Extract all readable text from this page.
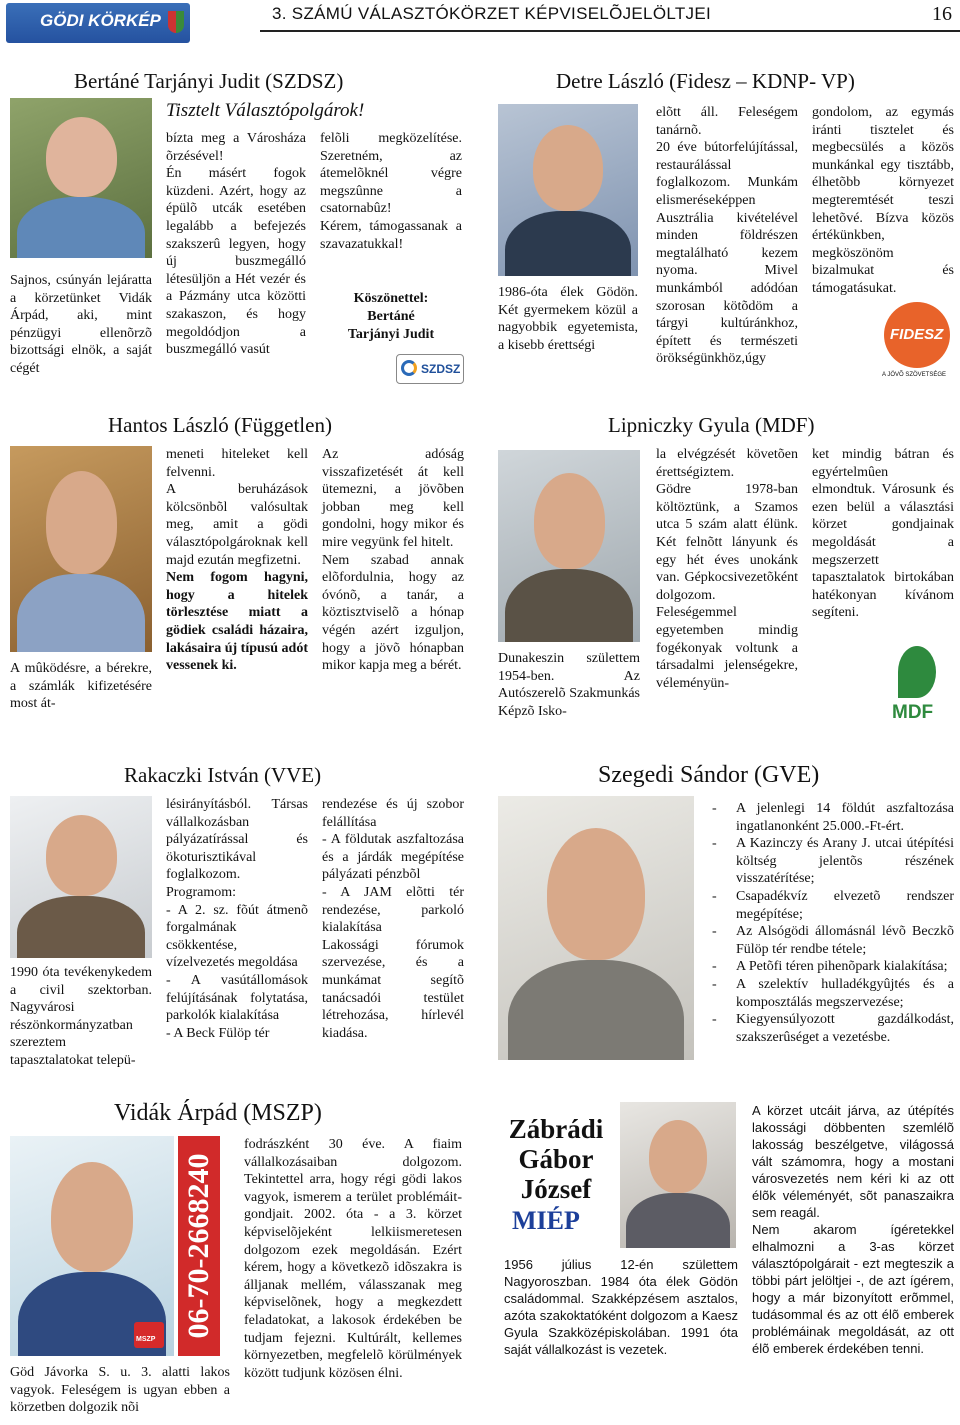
GÖDI KÖRKÉP	3. SZÁMÚ VÁLASZTÓKÖRZET KÉPVISELÕJELÖLTJEI	16
Bertáné Tarjányi Judit (SZDSZ)

Sajnos, csúnyán lejáratta a körzetünket Vidák Árpád, aki, mint pénzügyi ellenõrzõ bizottsági elnök, a saját cégét

Tisztelt Választópolgárok!

bízta meg a Városháza õrzésével!
Én másért fogok küzdeni. Azért, hogy az épülõ utcák esetében legalább a befejezés szakszerû legyen, hogy új buszmegálló létesüljön a Hét vezér és a Pázmány utca közötti szakaszon, és hogy megoldódjon a buszmegálló vasút

felõli megközelítése. Szeretném, az átemelõknél végre megszûnne a csatornabûz!
Kérem, támogassanak a szavazatukkal!

Köszönettel:
Bertáné
Tarjányi Judit
SZDSZ
Detre László (Fidesz – KDNP- VP)

1986-óta élek Gödön. Két gyermekem közül a nagyobbik egyetemista, a kisebb érettségi

elõtt áll. Feleségem tanárnõ.
20 éve bútorfelújítással, restaurálással foglalkozom. Munkám elismeréseképpen Ausztrália kivételével minden földrészen megtalálható kezem nyoma. Mivel munkámból adódóan szorosan kötõdöm a tárgyi kultúránkhoz, épített és természeti örökségünkhöz,úgy

gondolom, az egymás iránti tisztelet és megbecsülés a közös munkánkal egy tisztább, élhetõbb környezet megteremtését teszi lehetõvé. Bízva közös értékünkben, megköszönöm bizalmukat és támogatásukat.

FIDESZ
A JÖVÕ SZÖVETSÉGE
Hantos László (Független)

A mûködésre, a bérekre, a számlák kifizetésére most át-

meneti hiteleket kell felvenni.
A beruházások kölcsönbõl valósultak meg, amit a gödi választópolgároknak kell majd ezután megfizetni.

Nem fogom hagyni, hogy a hitelek törlesztése miatt a gödiek családi házaira, lakásaira új típusú adót vessenek ki.

Az adóság visszafizetését át kell ütemezni, a jövõben jobban meg kell gondolni, hogy mikor és mire vegyünk fel hitelt.
Nem szabad annak elõfordulnia, hogy az óvónõ, a tanár, a köztisztviselõ a hónap végén azért izguljon, hogy a jövõ hónapban mikor kapja meg a bérét.

Lipniczky Gyula (MDF)

Dunakeszin születtem 1954-ben. Az Autószerelõ Szakmunkás Képzõ Isko-

la elvégzését követõen érettségiztem.
Gödre 1978-ban költöztünk, a Szamos utca 5 szám alatt élünk. Két felnõtt lányunk és egy hét éves unokánk van. Gépkocsivezetõként dolgozom.
Feleségemmel egyetemben mindig fogékonyak voltunk a társadalmi jelenségekre, véleményün-

ket mindig bátran és egyértelmûen elmondtuk. Városunk és ezen belül a választási körzet gondjainak megoldását a megszerzett tapasztalatok birtokában hatékonyan kívánom segíteni.

MDF
Rakaczki István (VVE)

1990 óta tevékenykedem a civil szektorban. Nagyvárosi részönkormányzatban szereztem tapasztalatokat telepü-

lésirányításból. Társas vállalkozásban pályázatírással és ökoturisztikával foglalkozom.
Programom:
- A 2. sz. fõút átmenõ forgalmának csökkentése, vízelvezetés megoldása
- A vasútállomások felújításának folytatása, parkolók kialakítása
- A Beck Fülöp tér

rendezése és új szobor felállítása
- A földutak aszfaltozása és a járdák megépítése pályázati pénzbõl
- A JAM elõtti tér rendezése, parkoló kialakítása
Lakossági fórumok szervezése, és a munkámat segítõ tanácsadói testület létrehozása, hírlevél kiadása.

Szegedi Sándor (GVE)
- A jelenlegi 14 földút aszfaltozása ingatlanonként 25.000.-Ft-ért.
- A Kazinczy és Arany J. utcai útépítési költség jelentõs részének visszatérítése;
- Csapadékvíz elvezetõ rendszer megépítése;
- Az Alsógödi állomásnál lévõ Beczkõ Fülöp tér rendbe tétele;
- A Petõfi téren pihenõpark kialakítása;
- A szelektív hulladékgyûjtés és a komposztálás megszervezése;
- Kiegyensúlyozott gazdálkodást, szakszerûséget a vezetésbe.
Vidák Árpád (MSZP)
MSZP
06-70-2668240

Göd Jávorka S. u. 3. alatti lakos vagyok. Feleségem is ugyan ebben a körzetben dolgozik nõi

fodrászként 30 éve. A fiaim vállalkozásaiban dolgozom. Tekintettel arra, hogy régi gödi lakos vagyok, ismerem a terület problémáit-gondjait. 2002. óta - a 3. körzet képviselõjeként lelkiismeretesen dolgozom ezek megoldásán. Ezért kérem, hogy a következõ idõszakra is álljanak mellém, válasszanak meg képviselõnek, hogy a megkezdett feladatokat, a lakosok érdekében be tudjam fejezni. Kultúrált, kellemes környezetben, megfelelõ körülmények között tudjunk közösen élni.

Zábrádi
Gábor
József
MIÉP

1956 július 12-én születtem Nagyoroszban. 1984 óta élek Gödön családommal. Szakképzésem asztalos, azóta szakoktatóként dolgozom a Kaesz Gyula Szakközépiskolában. 1991 óta saját vállalkozást is vezetek.

A körzet utcáit járva, az útépítés lakossági döbbenten szemlélõ lakosság beszélgetve, világossá vált számomra, hogy a mostani városvezetés nem kéri ki az ott élõk véleményét, sõt panaszaikra sem reagál.
Nem akarom ígéretekkel elhalmozni a 3-as körzet választópolgárait - ezt megteszik a többi párt jelöltjei -, de azt ígérem, hogy a már bizonyított erõmmel, tudásommal és az ott élõ emberek problémáinak megoldását, az ott élõ emberek érdekében tenni.
